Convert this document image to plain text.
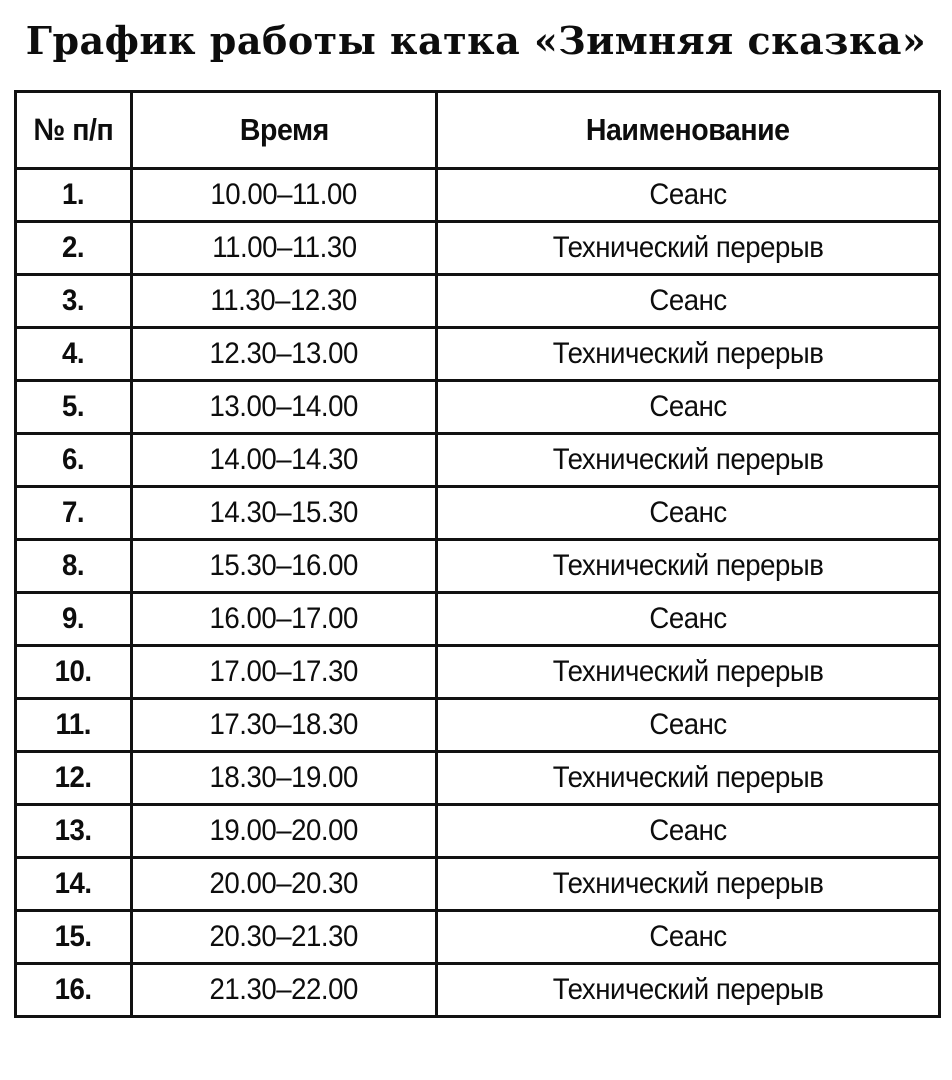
График работы катка «Зимняя сказка»
№ п/п	Время	Наименование
1.	10.00–11.00	Сеанс
2.	11.00–11.30	Технический перерыв
3.	11.30–12.30	Сеанс
4.	12.30–13.00	Технический перерыв
5.	13.00–14.00	Сеанс
6.	14.00–14.30	Технический перерыв
7.	14.30–15.30	Сеанс
8.	15.30–16.00	Технический перерыв
9.	16.00–17.00	Сеанс
10.	17.00–17.30	Технический перерыв
11.	17.30–18.30	Сеанс
12.	18.30–19.00	Технический перерыв
13.	19.00–20.00	Сеанс
14.	20.00–20.30	Технический перерыв
15.	20.30–21.30	Сеанс
16.	21.30–22.00	Технический перерыв
